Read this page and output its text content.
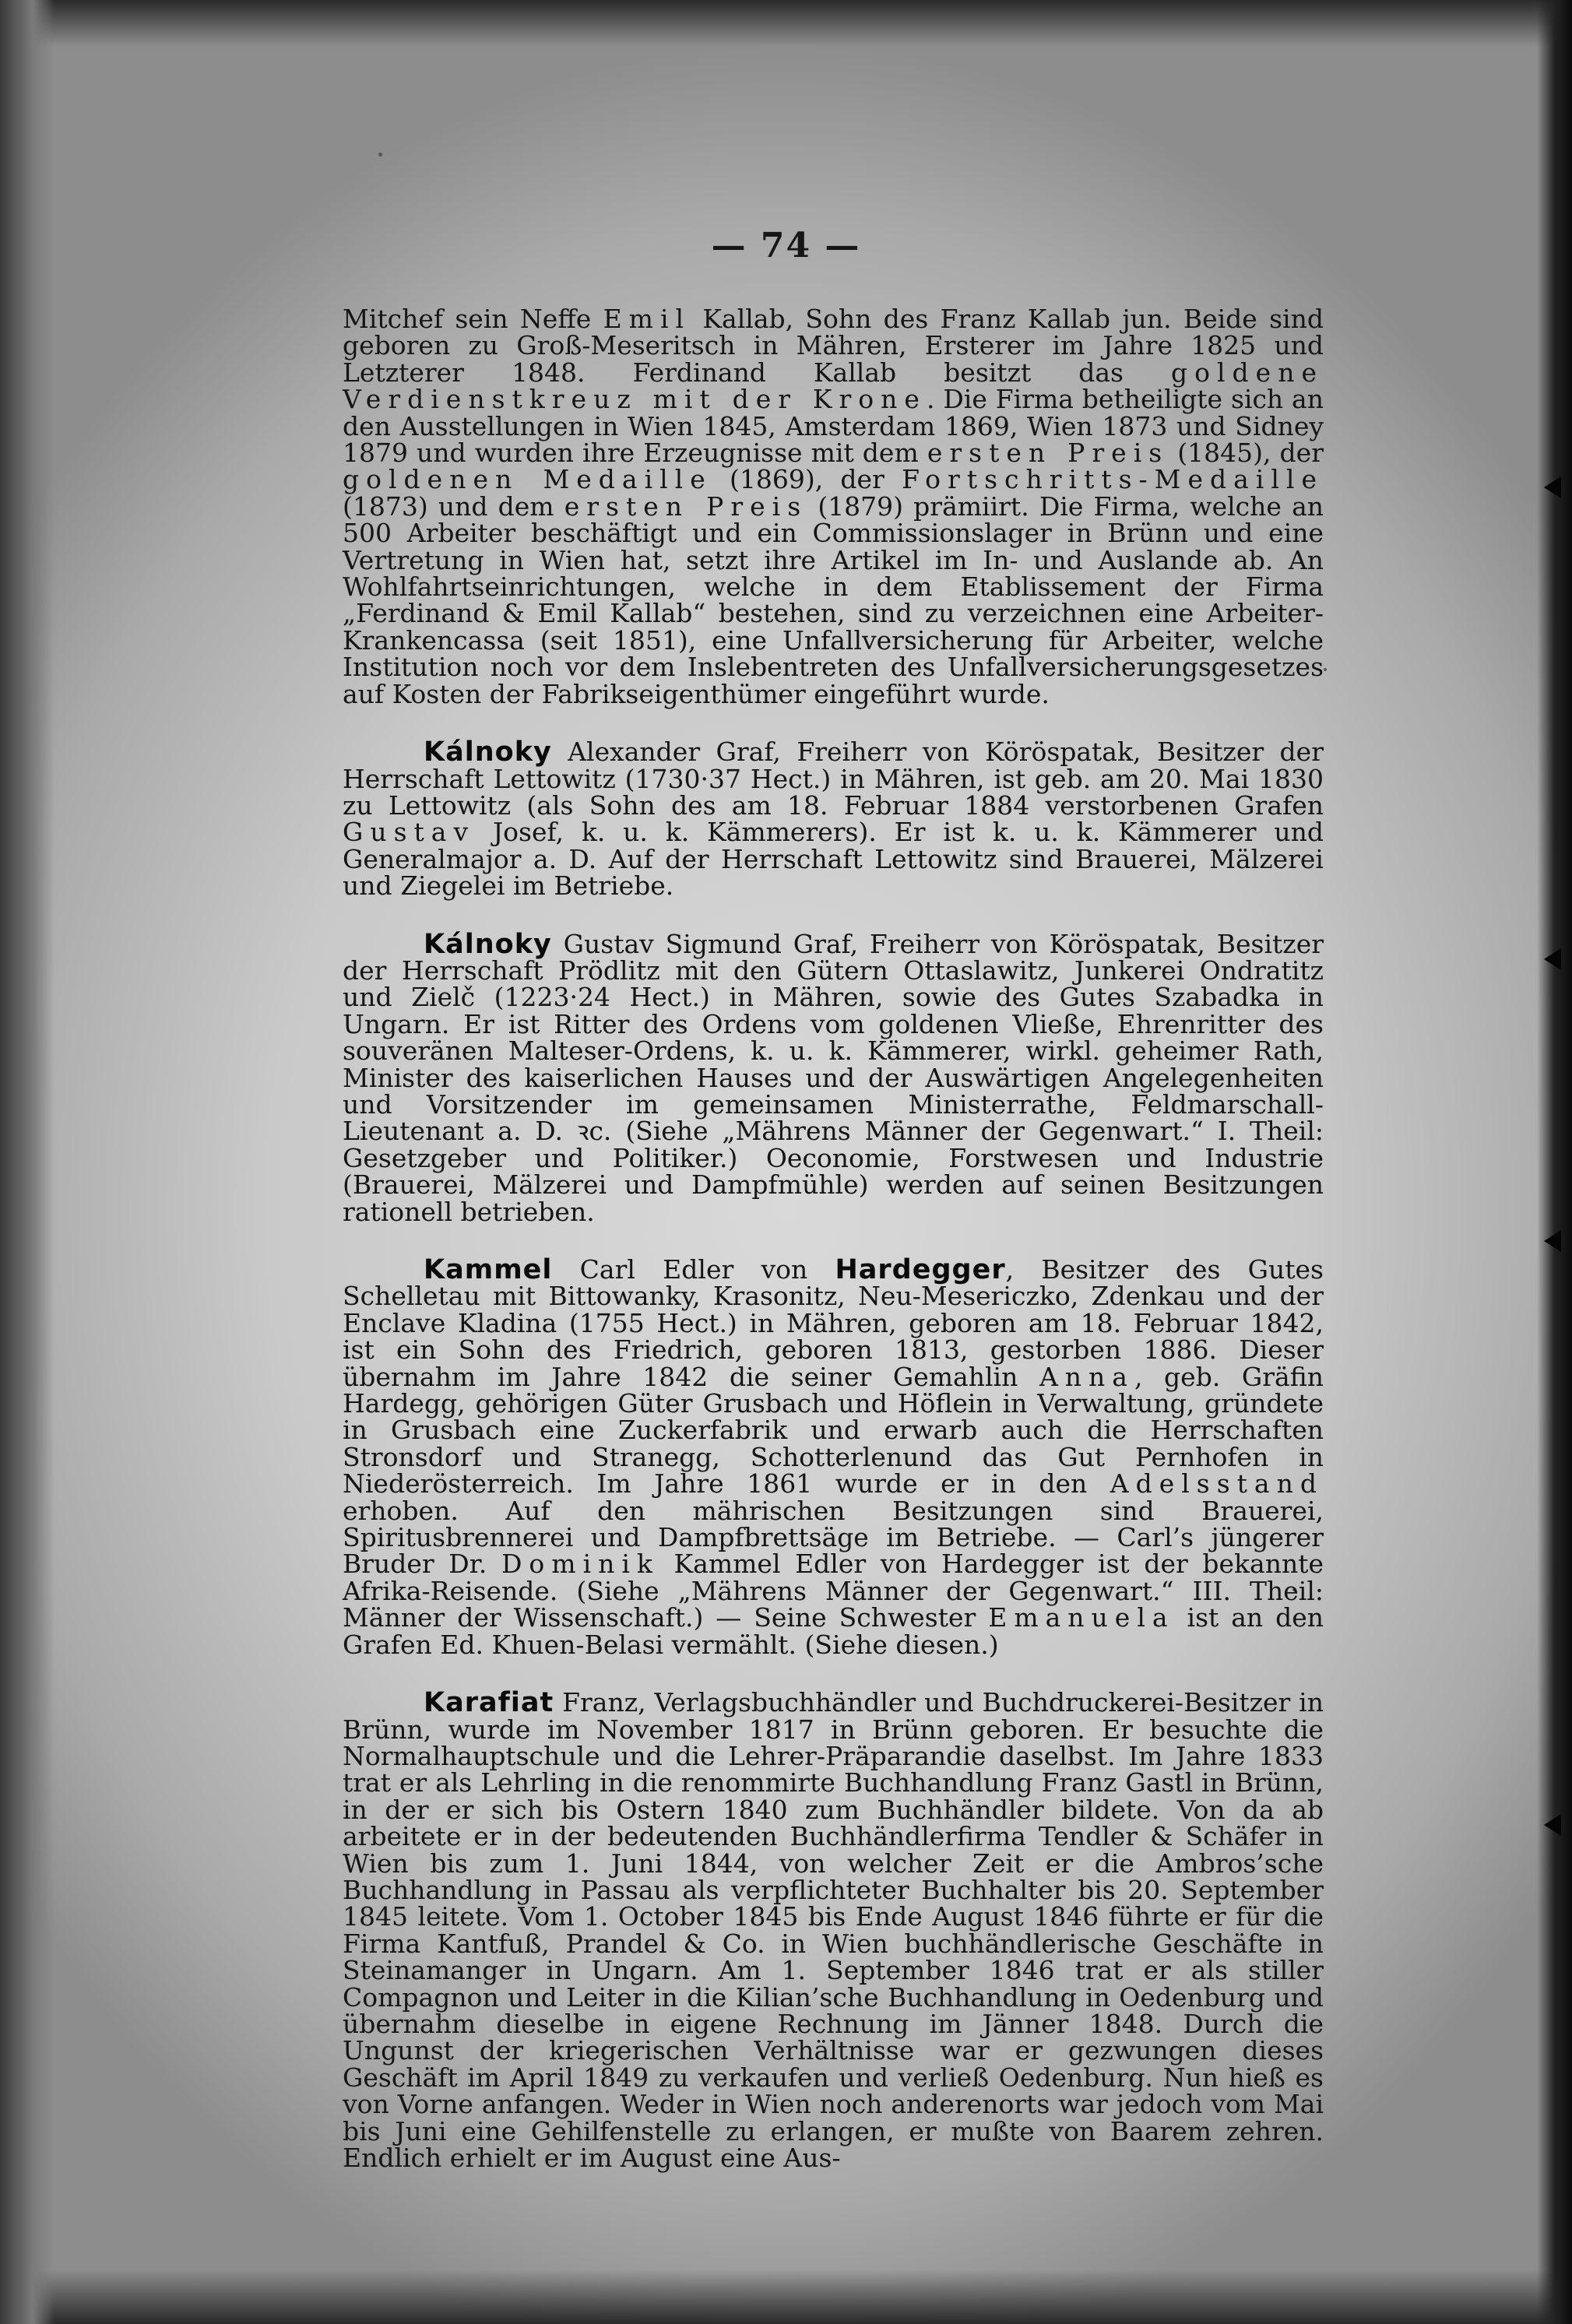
— 74 —

Mitchef sein Neffe Emil Kallab, Sohn des Franz Kallab jun. Beide sind geboren zu Groß-Meseritsch in Mähren, Ersterer im Jahre 1825 und Letzterer 1848. Ferdinand Kallab besitzt das goldene Verdienstkreuz mit der Krone. Die Firma betheiligte sich an den Ausstellungen in Wien 1845, Amsterdam 1869, Wien 1873 und Sidney 1879 und wurden ihre Erzeugnisse mit dem ersten Preis (1845), der goldenen Medaille (1869), der Fortschritts-Medaille (1873) und dem ersten Preis (1879) prämiirt. Die Firma, welche an 500 Arbeiter beschäftigt und ein Commissionslager in Brünn und eine Vertretung in Wien hat, setzt ihre Artikel im In- und Auslande ab. An Wohlfahrtseinrichtungen, welche in dem Etablissement der Firma „Ferdinand & Emil Kallab“ bestehen, sind zu verzeichnen eine Arbeiter-Krankencassa (seit 1851), eine Unfallversicherung für Arbeiter, welche Institution noch vor dem Inslebentreten des Unfallversicherungsgesetzes auf Kosten der Fabrikseigenthümer eingeführt wurde.

Kálnoky Alexander Graf, Freiherr von Köröspatak, Besitzer der Herrschaft Lettowitz (1730·37 Hect.) in Mähren, ist geb. am 20. Mai 1830 zu Lettowitz (als Sohn des am 18. Februar 1884 verstorbenen Grafen Gustav Josef, k. u. k. Kämmerers). Er ist k. u. k. Kämmerer und Generalmajor a. D. Auf der Herrschaft Lettowitz sind Brauerei, Mälzerei und Ziegelei im Betriebe.

Kálnoky Gustav Sigmund Graf, Freiherr von Köröspatak, Besitzer der Herrschaft Prödlitz mit den Gütern Ottaslawitz, Junkerei Ondratitz und Zielč (1223·24 Hect.) in Mähren, sowie des Gutes Szabadka in Ungarn. Er ist Ritter des Ordens vom goldenen Vließe, Ehrenritter des souveränen Malteser-Ordens, k. u. k. Kämmerer, wirkl. geheimer Rath, Minister des kaiserlichen Hauses und der Auswärtigen Angelegenheiten und Vorsitzender im gemeinsamen Ministerrathe, Feldmarschall-Lieutenant a. D. ꝛc. (Siehe „Mährens Männer der Gegenwart.“ I. Theil: Gesetzgeber und Politiker.) Oeconomie, Forstwesen und Industrie (Brauerei, Mälzerei und Dampfmühle) werden auf seinen Besitzungen rationell betrieben.

Kammel Carl Edler von Hardegger, Besitzer des Gutes Schelletau mit Bittowanky, Krasonitz, Neu-Mesericzko, Zdenkau und der Enclave Kladina (1755 Hect.) in Mähren, geboren am 18. Februar 1842, ist ein Sohn des Friedrich, geboren 1813, gestorben 1886. Dieser übernahm im Jahre 1842 die seiner Gemahlin Anna, geb. Gräfin Hardegg, gehörigen Güter Grusbach und Höflein in Verwaltung, gründete in Grusbach eine Zuckerfabrik und erwarb auch die Herrschaften Stronsdorf und Stranegg, Schotterlenund das Gut Pernhofen in Niederösterreich. Im Jahre 1861 wurde er in den Adelsstand erhoben. Auf den mährischen Besitzungen sind Brauerei, Spiritusbrennerei und Dampfbrettsäge im Betriebe. — Carl’s jüngerer Bruder Dr. Dominik Kammel Edler von Hardegger ist der bekannte Afrika-Reisende. (Siehe „Mährens Männer der Gegenwart.“ III. Theil: Männer der Wissenschaft.) — Seine Schwester Emanuela ist an den Grafen Ed. Khuen-Belasi vermählt. (Siehe diesen.)

Karafiat Franz, Verlagsbuchhändler und Buchdruckerei-Besitzer in Brünn, wurde im November 1817 in Brünn geboren. Er besuchte die Normalhauptschule und die Lehrer-Präparandie daselbst. Im Jahre 1833 trat er als Lehrling in die renommirte Buchhandlung Franz Gastl in Brünn, in der er sich bis Ostern 1840 zum Buchhändler bildete. Von da ab arbeitete er in der bedeutenden Buchhändlerfirma Tendler & Schäfer in Wien bis zum 1. Juni 1844, von welcher Zeit er die Ambros’sche Buchhandlung in Passau als verpflichteter Buchhalter bis 20. September 1845 leitete. Vom 1. October 1845 bis Ende August 1846 führte er für die Firma Kantfuß, Prandel & Co. in Wien buchhändlerische Geschäfte in Steinamanger in Ungarn. Am 1. September 1846 trat er als stiller Compagnon und Leiter in die Kilian’sche Buchhandlung in Oedenburg und übernahm dieselbe in eigene Rechnung im Jänner 1848. Durch die Ungunst der kriegerischen Verhältnisse war er gezwungen dieses Geschäft im April 1849 zu verkaufen und verließ Oedenburg. Nun hieß es von Vorne anfangen. Weder in Wien noch anderenorts war jedoch vom Mai bis Juni eine Gehilfenstelle zu erlangen, er mußte von Baarem zehren. Endlich erhielt er im August eine Aus-
